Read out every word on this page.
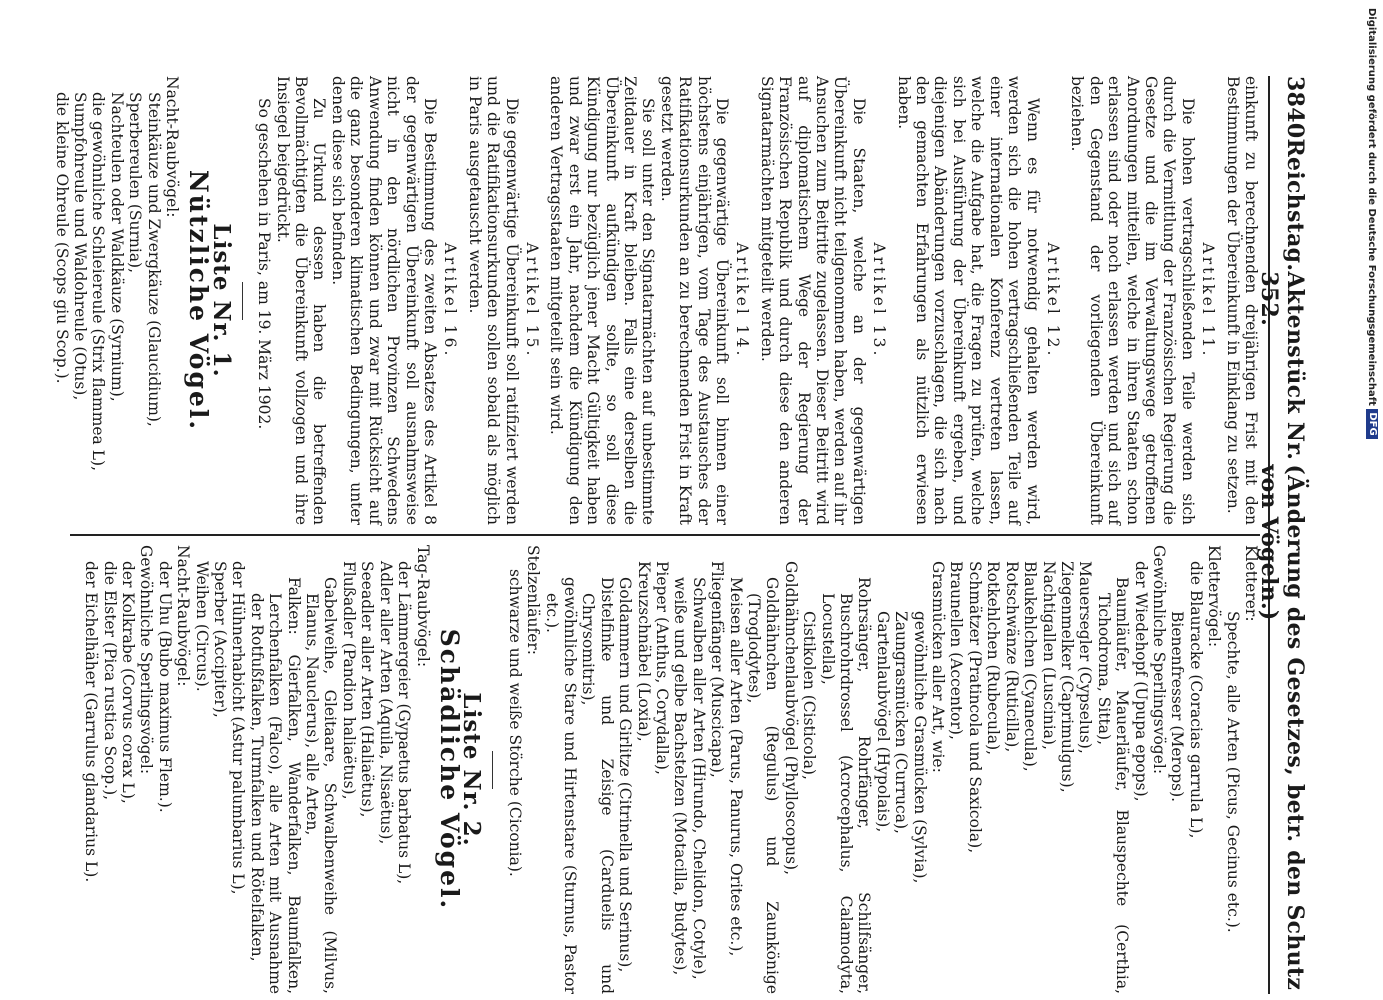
3840
Reichstag.
Aktenstück Nr. 352.
(Änderung des Gesetzes, betr. den Schutz von Vögeln.)

einkunft zu berechnenden dreijährigen Frist mit den Bestimmungen der Übereinkunft in Einklang zu setzen.

Artikel 11.

Die hohen vertragschließenden Teile werden sich durch die Vermittlung der Französischen Regierung die Gesetze und die im Verwaltungswege getroffenen Anordnungen mitteilen, welche in ihren Staaten schon erlassen sind oder noch erlassen werden und sich auf den Gegenstand der vorliegenden Übereinkunft beziehen.

Artikel 12.

Wenn es für notwendig gehalten werden wird, werden sich die hohen vertragschließenden Teile auf einer internationalen Konferenz vertreten lassen, welche die Aufgabe hat, die Fragen zu prüfen, welche sich bei Ausführung der Übereinkunft ergeben, und diejenigen Abänderungen vorzuschlagen, die sich nach den gemachten Erfahrungen als nützlich erwiesen haben.

Artikel 13.

Die Staaten, welche an der gegenwärtigen Übereinkunft nicht teilgenommen haben, werden auf ihr Ansuchen zum Beitritte zugelassen. Dieser Beitritt wird auf diplomatischem Wege der Regierung der Französischen Republik und durch diese den anderen Signatarmächten mitgeteilt werden.

Artikel 14.

Die gegenwärtige Übereinkunft soll binnen einer höchstens einjährigen, vom Tage des Austausches der Ratifikationsurkunden an zu berechnenden Frist in Kraft gesetzt werden.

Sie soll unter den Signatarmächten auf unbestimmte Zeitdauer in Kraft bleiben. Falls eine derselben die Übereinkunft aufkündigen sollte, so soll diese Kündigung nur bezüglich jener Macht Gültigkeit haben und zwar erst ein Jahr, nachdem die Kündigung den anderen Vertragsstaaten mitgeteilt sein wird.

Artikel 15.

Die gegenwärtige Übereinkunft soll ratifiziert werden und die Ratifikationsurkunden sollen sobald als möglich in Paris ausgetauscht werden.

Artikel 16.

Die Bestimmung des zweiten Absatzes des Artikel 8 der gegenwärtigen Übereinkunft soll ausnahmsweise nicht in den nördlichen Provinzen Schwedens Anwendung finden können und zwar mit Rücksicht auf die ganz besonderen klimatischen Bedingungen, unter denen diese sich befinden.

Zu Urkund dessen haben die betreffenden Bevollmächtigten die Übereinkunft vollzogen und ihre Insiegel beigedrückt.

So geschehen in Paris, am 19. März 1902.

Liste Nr. 1.
Nützliche Vögel.
Nacht-Raubvögel:
Steinkäuze und Zwergkäuze (Glaucidium),
Sperbereulen (Surnia),
Nachteulen oder Waldkäuze (Syrnium),
die gewöhnliche Schleiereule (Strix flammea L),
Sumpfohreule und Waldohreule (Otus),
die kleine Ohreule (Scops giu Scop.).
Kletterer:
Spechte, alle Arten (Picus, Gecinus etc.).
Klettervögel:
die Blauracke (Coracias garrula L),
Bienenfresser (Merops).
Gewöhnliche Sperlingsvögel:
der Wiedehopf (Upupa epops),
Baumläufer, Mauerläufer, Blauspechte (Certhia, Tichodroma, Sitta),
Mauersegler (Cypselus),
Ziegenmelker (Caprimulgus),
Nachtigallen (Luscinia),
Blaukehlchen (Cyanecula),
Rotschwänze (Ruticilla),
Rotkehlchen (Rubecula),
Schmätzer (Pratincola und Saxicola),
Braunellen (Accentor),
Grasmücken aller Art, wie:
gewöhnliche Grasmücken (Sylvia),
Zaungrasmücken (Curruca),
Gartenlaubvögel (Hypolais),
Rohrsänger, Rohrfänger, Schilfsänger, Buschrohrdrossel (Acrocephalus, Calamodyta, Locustella),
Cistikolen (Cisticola),
Goldhähnchenlaubvögel (Phylloscopus),
Goldhähnchen (Regulus) und Zaunkönige (Troglodytes),
Meisen aller Arten (Parus, Panurus, Orites etc.),
Fliegenfänger (Muscicapa),
Schwalben aller Arten (Hirundo, Chelidon, Cotyle),
weiße und gelbe Bachstelzen (Motacilla, Budytes),
Pieper (Anthus, Corydalla),
Kreuzschnäbel (Loxia),
Goldammern und Girlitze (Citrinella und Serinus),
Distelfinke und Zeisige (Carduelis und Chrysomitris),
gewöhnliche Stare und Hirtenstare (Sturnus, Pastor etc.).
Stelzenläufer:
schwarze und weiße Störche (Ciconia).
Liste Nr. 2.
Schädliche Vögel.
Tag-Raubvögel:
der Lämmergeier (Gypaetus barbatus L),
Adler aller Arten (Aquila, Nisaëtus),
Seeadler aller Arten (Haliaëtus),
Flußadler (Pandion haliaëtus),
Gabelweihe, Gleitaare, Schwalbenweihe (Milvus, Elanus, Nauclerus), alle Arten,
Falken: Gierfalken, Wanderfalken, Baumfalken, Lerchenfalken (Falco), alle Arten mit Ausnahme der Rotfußfalken, Turmfalken und Rötelfalken,
der Hühnerhabicht (Astur palumbarius L),
Sperber (Accipiter),
Weihen (Circus).
Nacht-Raubvögel:
der Uhu (Bubo maximus Flem.).
Gewöhnliche Sperlingsvögel:
der Kolkrabe (Corvus corax L),
die Elster (Pica rustica Scop.),
der Eichelhäher (Garrulus glandarius L).
Digitalisierung gefördert durch die Deutsche Forschungsgemeinschaft DFG
